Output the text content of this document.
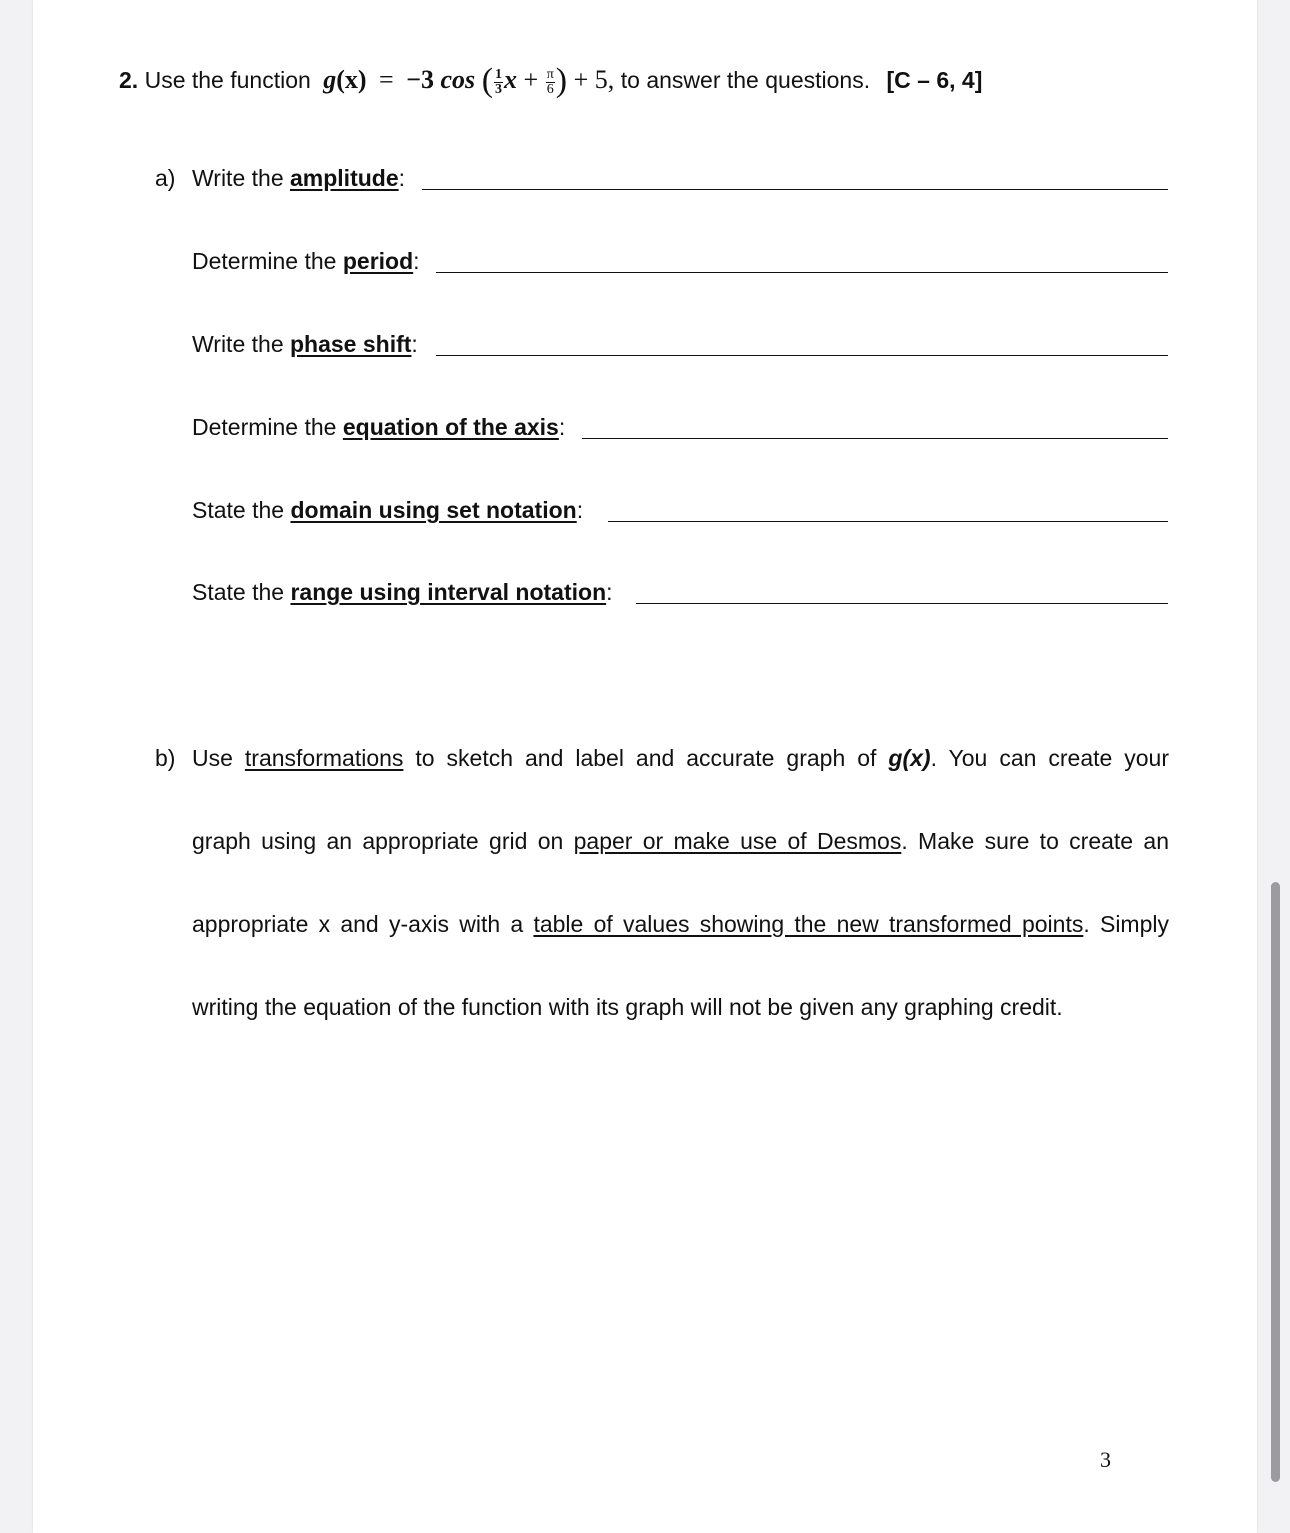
2. Use the function g(x) = −3 cos ( $\frac{1}{3}$ $x + \frac{\pi}{6}$ ) + 5, to answer the questions. [C – 6, 4]
a) Write the amplitude:
Determine the period:
Write the phase shift:
Determine the equation of the axis:
State the domain using set notation:
State the range using interval notation:
b) Use transformations to sketch and label and accurate graph of g(x). You can create your
graph using an appropriate grid on paper or make use of Desmos. Make sure to create an
appropriate x and y-axis with a table of values showing the new transformed points. Simply
writing the equation of the function with its graph will not be given any graphing credit.
3
